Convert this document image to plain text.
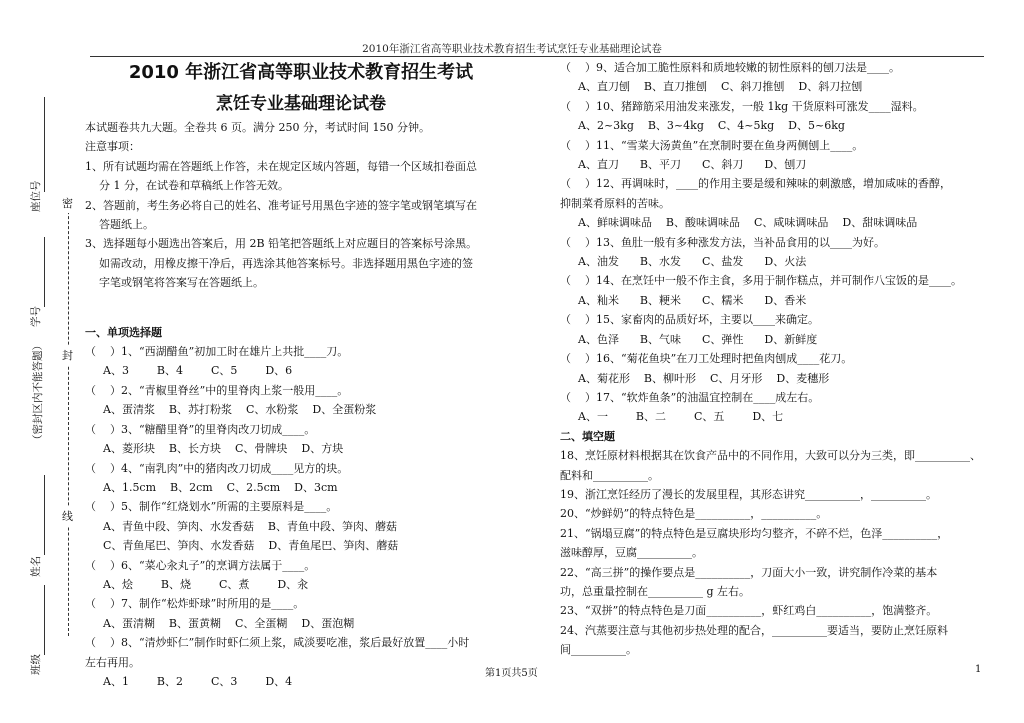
2010年浙江省高等职业技术教育招生考试烹饪专业基础理论试卷
座位号
学号
（密封区内不能答题）
姓名
班级
密
封
线
2010 年浙江省高等职业技术教育招生考试
烹饪专业基础理论试卷
本试题卷共九大题。全卷共 6 页。满分 250 分，考试时间 150 分钟。
注意事项：
1、所有试题均需在答题纸上作答，未在规定区域内答题，每错一个区域扣卷面总
分 1 分，在试卷和草稿纸上作答无效。
2、答题前，考生务必将自己的姓名、准考证号用黑色字迹的签字笔或钢笔填写在
答题纸上。
3、选择题每小题选出答案后，用 2B 铅笔把答题纸上对应题目的答案标号涂黑。
如需改动，用橡皮擦干净后，再选涂其他答案标号。非选择题用黑色字迹的签
字笔或钢笔将答案写在答题纸上。
一、单项选择题
（    ）1、“西湖醋鱼”初加工时在雄片上共批____刀。
A、3        B、4        C、5        D、6
（    ）2、“青椒里脊丝”中的里脊肉上浆一般用____。
A、蛋清浆    B、苏打粉浆    C、水粉浆    D、全蛋粉浆
（    ）3、“糖醋里脊”的里脊肉改刀切成____。
A、菱形块    B、长方块    C、骨牌块    D、方块
（    ）4、“南乳肉”中的猪肉改刀切成____见方的块。
A、1.5cm    B、2cm    C、2.5cm    D、3cm
（    ）5、制作“红烧划水”所需的主要原料是____。
A、青鱼中段、笋肉、水发香菇    B、青鱼中段、笋肉、蘑菇
C、青鱼尾巴、笋肉、水发香菇    D、青鱼尾巴、笋肉、蘑菇
（    ）6、“菜心汆丸子”的烹调方法属于____。
A、烩        B、烧        C、煮        D、汆
（    ）7、制作“松炸虾球”时所用的是____。
A、蛋清糊    B、蛋黄糊    C、全蛋糊    D、蛋泡糊
（    ）8、“清炒虾仁”制作时虾仁须上浆，咸淡要吃准，浆后最好放置____小时
左右再用。
A、1        B、2        C、3        D、4
（    ）9、适合加工脆性原料和质地较嫩的韧性原料的刨刀法是____。
A、直刀刨    B、直刀推刨    C、斜刀推刨    D、斜刀拉刨
（    ）10、猪蹄筋采用油发来涨发，一般 1kg 干货原料可涨发____湿料。
A、2~3kg    B、3~4kg    C、4~5kg    D、5~6kg
（    ）11、“雪菜大汤黄鱼”在烹制时要在鱼身两侧刨上____。
A、直刀      B、平刀      C、斜刀      D、刨刀
（    ）12、再调味时，____的作用主要是缓和辣味的刺激感，增加咸味的香醇，
抑制菜肴原料的苦味。
A、鲜味调味品    B、酸味调味品    C、咸味调味品    D、甜味调味品
（    ）13、鱼肚一般有多种涨发方法，当补品食用的以____为好。
A、油发      B、水发      C、盐发      D、火法
（    ）14、在烹饪中一般不作主食，多用于制作糕点，并可制作八宝饭的是____。
A、籼米      B、粳米      C、糯米      D、香米
（    ）15、家畜肉的品质好坏，主要以____来确定。
A、色泽      B、气味      C、弹性      D、新鲜度
（    ）16、“菊花鱼块”在刀工处理时把鱼肉刨成____花刀。
A、菊花形    B、柳叶形    C、月牙形    D、麦穗形
（    ）17、“软炸鱼条”的油温宜控制在____成左右。
A、一        B、二        C、五        D、七
二、填空题
18、烹饪原材料根据其在饮食产品中的不同作用，大致可以分为三类，即__________、
配料和__________。
19、浙江烹饪经历了漫长的发展里程，其形态讲究__________，__________。
20、“炒鲜奶”的特点特色是__________，__________。
21、“锅塌豆腐”的特点特色是豆腐块形均匀整齐，不碎不烂，色泽__________，
滋味醇厚，豆腐__________。
22、“高三拼”的操作要点是__________，刀面大小一致，讲究制作冷菜的基本
功，总重量控制在__________ g 左右。
23、“双拼”的特点特色是刀面__________，虾红鸡白__________，饱满整齐。
24、汽蒸要注意与其他初步热处理的配合，__________要适当，要防止烹饪原料
间__________。
第1页共5页	1
